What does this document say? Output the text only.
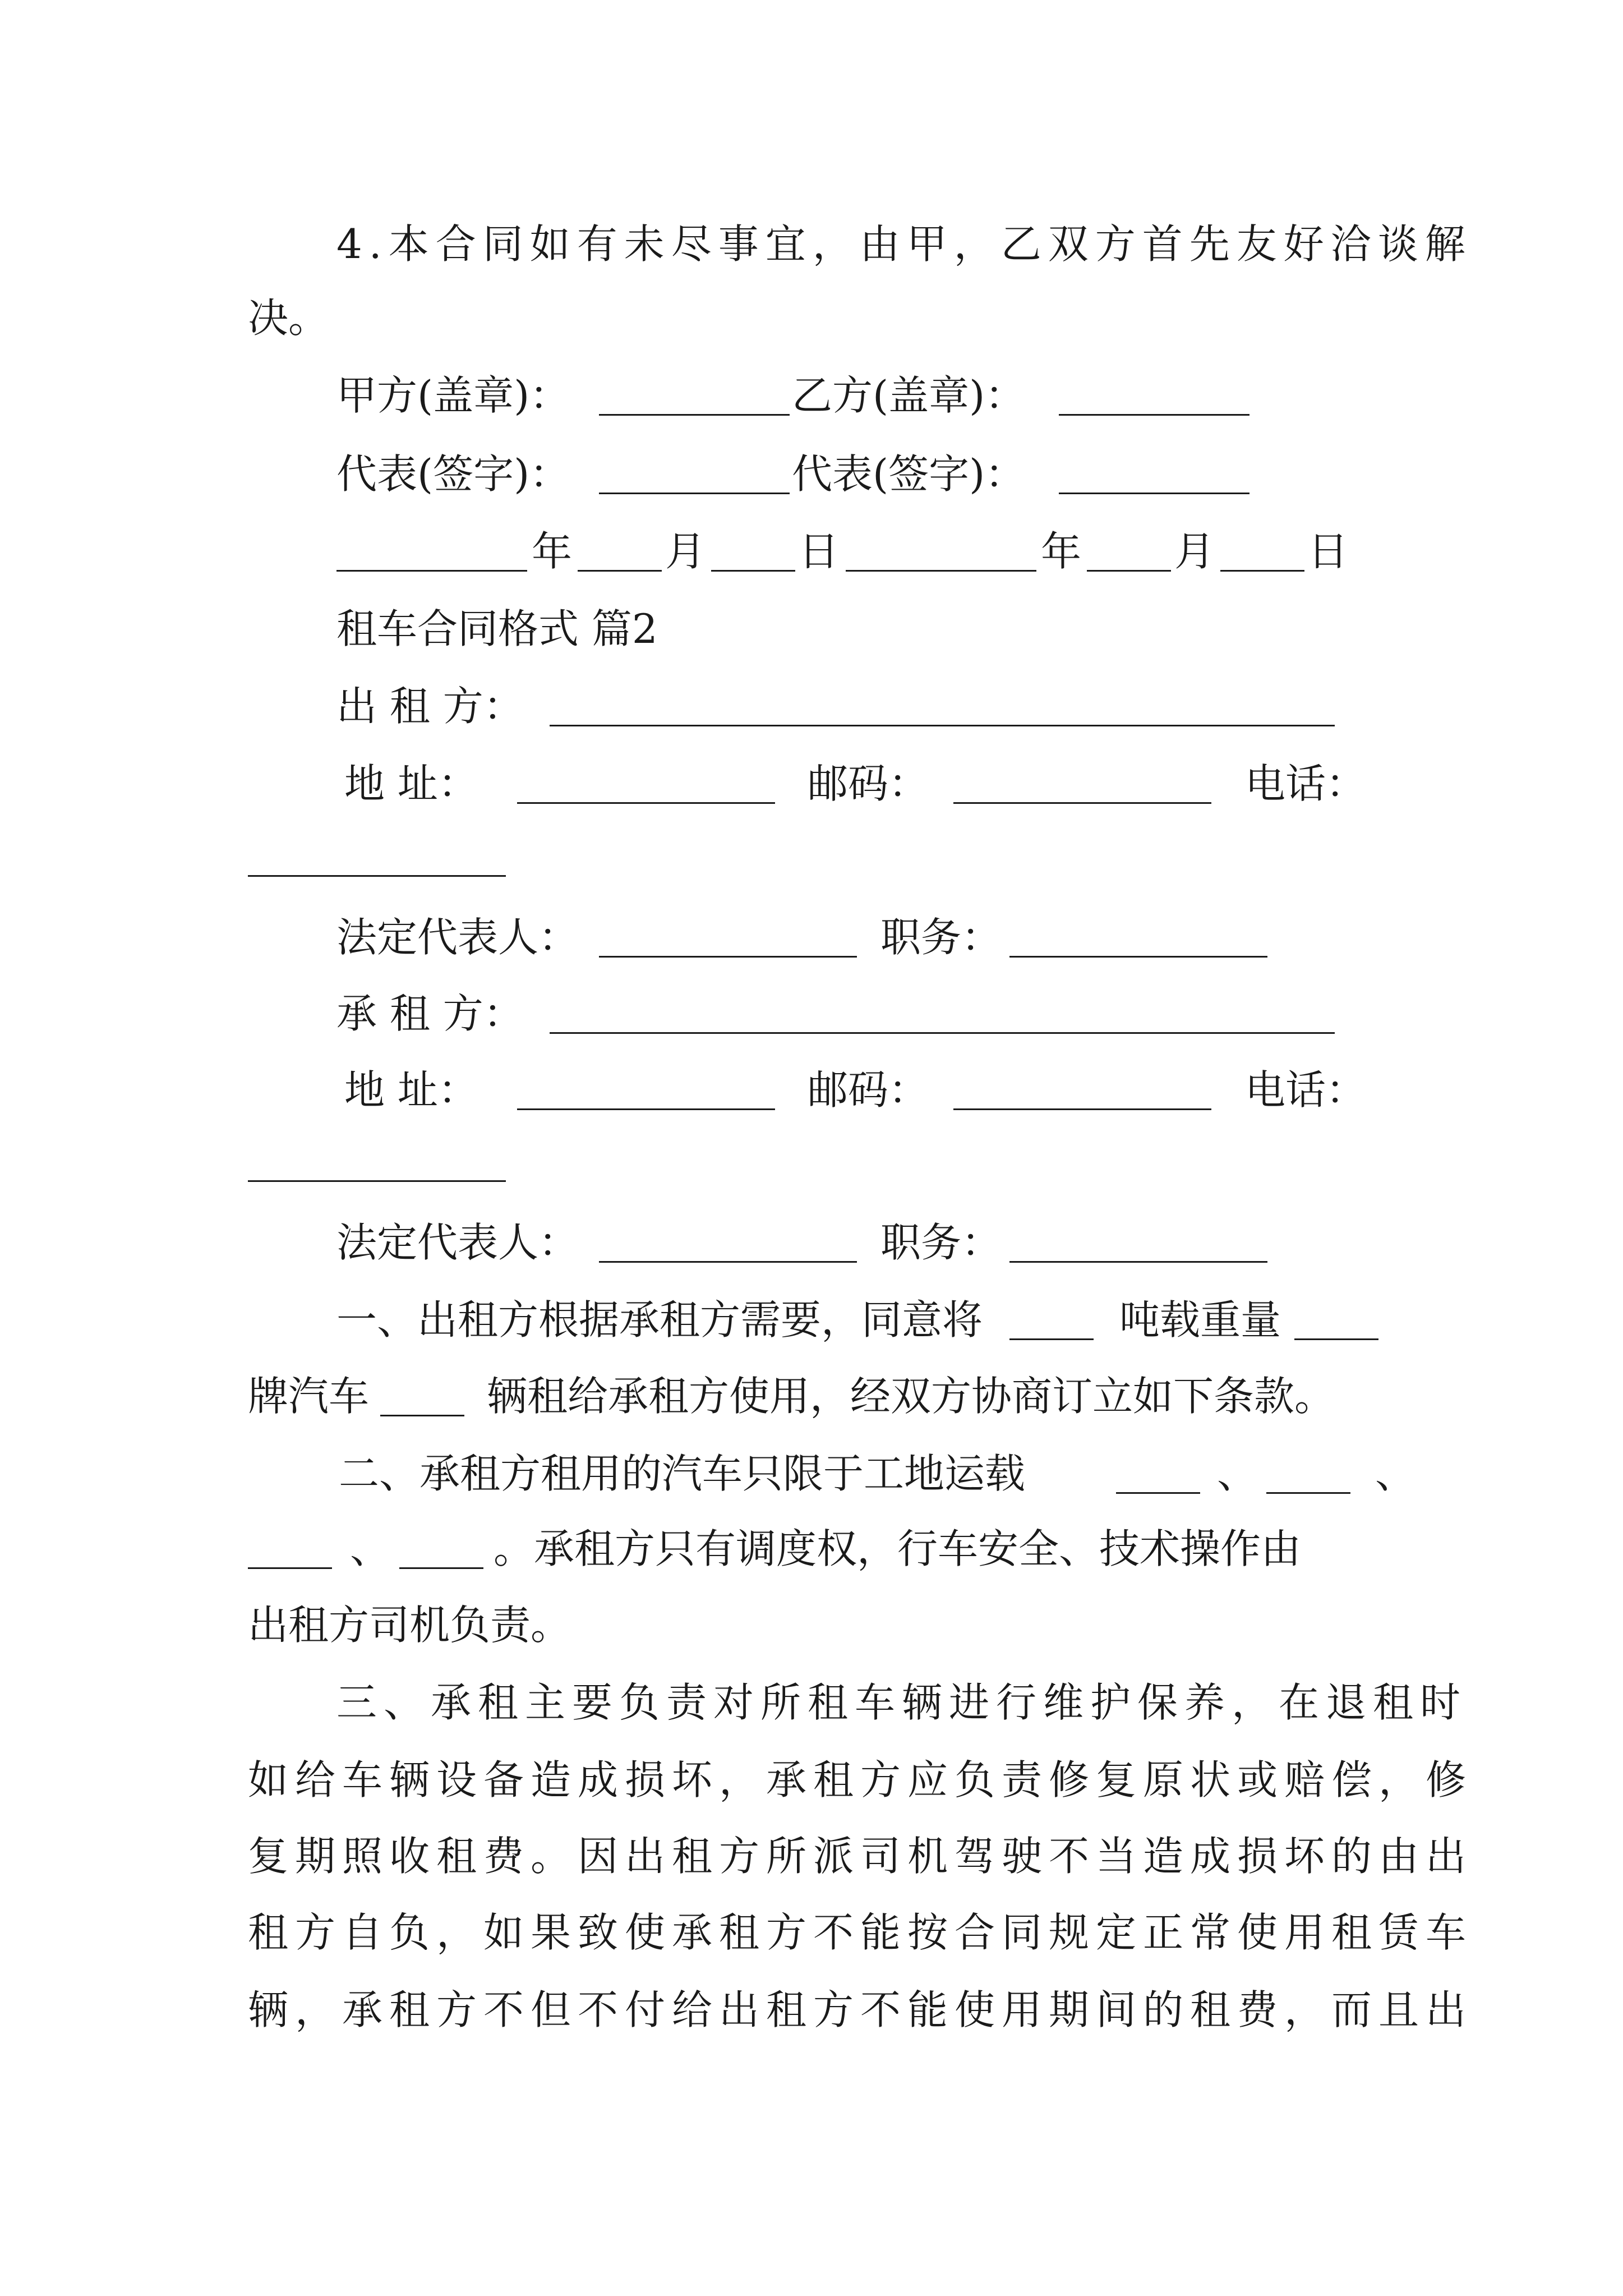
4.本合同如有未尽事宜，由甲，乙双方首先友好洽谈解
决。
甲方(盖章)：	乙方(盖章)：
代表(签字)：	代表(签字)：
年 月 日	年 月 日
租车合同格式 篇2
出 租 方：
地 址：	邮码：	电话：
法定代表人：	职务：
承 租 方：
地 址：	邮码：	电话：
法定代表人：	职务：
一、出租方根据承租方需要，同意将	吨载重量
牌汽车	辆租给承租方使用，经双方协商订立如下条款。
二、承租方租用的汽车只限于工地运载	、	、
、	。承租方只有调度权，行车安全、技术操作由
出租方司机负责。
三、承租主要负责对所租车辆进行维护保养，在退租时
如给车辆设备造成损坏，承租方应负责修复原状或赔偿，修
复期照收租费。因出租方所派司机驾驶不当造成损坏的由出
租方自负，如果致使承租方不能按合同规定正常使用租赁车
辆，承租方不但不付给出租方不能使用期间的租费，而且出
